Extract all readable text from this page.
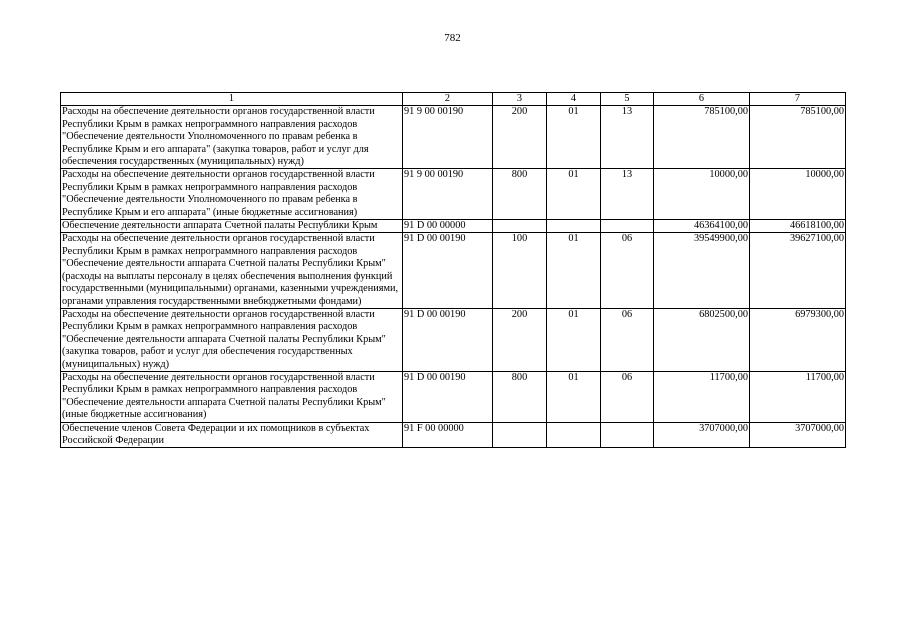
782
1	2	3	4	5	6	7
Расходы на обеспечение деятельности органов государственной власти Республики Крым в рамках непрограммного направления расходов "Обеспечение деятельности Уполномоченного по правам ребенка в Республике Крым и его аппарата" (закупка товаров, работ и услуг для обеспечения государственных (муниципальных) нужд)	91 9 00 00190	200	01	13	785100,00	785100,00
Расходы на обеспечение деятельности органов государственной власти Республики Крым в рамках непрограммного направления расходов "Обеспечение деятельности Уполномоченного по правам ребенка в Республике Крым и его аппарата" (иные бюджетные ассигнования)	91 9 00 00190	800	01	13	10000,00	10000,00
Обеспечение деятельности аппарата Счетной палаты Республики Крым	91 D 00 00000				46364100,00	46618100,00
Расходы на обеспечение деятельности органов государственной власти Республики Крым в рамках непрограммного направления расходов "Обеспечение деятельности аппарата Счетной палаты Республики Крым" (расходы на выплаты персоналу в целях обеспечения выполнения функций государственными (муниципальными) органами, казенными учреждениями, органами управления государственными внебюджетными фондами)	91 D 00 00190	100	01	06	39549900,00	39627100,00
Расходы на обеспечение деятельности органов государственной власти Республики Крым в рамках непрограммного направления расходов "Обеспечение деятельности аппарата Счетной палаты Республики Крым" (закупка товаров, работ и услуг для обеспечения государственных (муниципальных) нужд)	91 D 00 00190	200	01	06	6802500,00	6979300,00
Расходы на обеспечение деятельности органов государственной власти Республики Крым в рамках непрограммного направления расходов "Обеспечение деятельности аппарата Счетной палаты Республики Крым" (иные бюджетные ассигнования)	91 D 00 00190	800	01	06	11700,00	11700,00
Обеспечение членов Совета Федерации и их помощников в субъектах Российской Федерации	91 F 00 00000				3707000,00	3707000,00
